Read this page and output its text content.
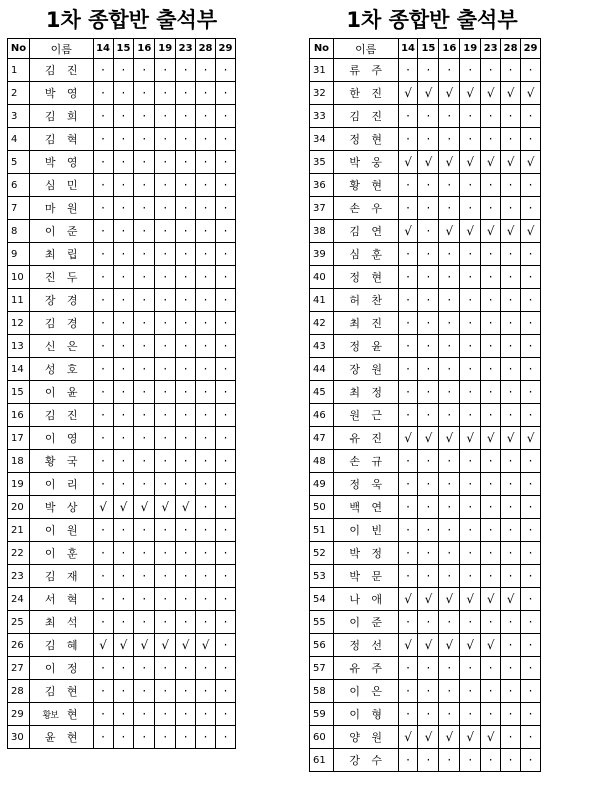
1차 종합반 출석부
No	이름	14	15	16	19	23	28	29
1	김 진	·	·	·	·	·	·	·
2	박 영	·	·	·	·	·	·	·
3	김 희	·	·	·	·	·	·	·
4	김 혁	·	·	·	·	·	·	·
5	박 영	·	·	·	·	·	·	·
6	심 민	·	·	·	·	·	·	·
7	마 원	·	·	·	·	·	·	·
8	이 준	·	·	·	·	·	·	·
9	최 립	·	·	·	·	·	·	·
10	진 두	·	·	·	·	·	·	·
11	장 경	·	·	·	·	·	·	·
12	김 경	·	·	·	·	·	·	·
13	신 은	·	·	·	·	·	·	·
14	성 호	·	·	·	·	·	·	·
15	이 윤	·	·	·	·	·	·	·
16	김 진	·	·	·	·	·	·	·
17	이 영	·	·	·	·	·	·	·
18	황 국	·	·	·	·	·	·	·
19	이 리	·	·	·	·	·	·	·
20	박 상	√	√	√	√	√	·	·
21	이 원	·	·	·	·	·	·	·
22	이 훈	·	·	·	·	·	·	·
23	김 재	·	·	·	·	·	·	·
24	서 혁	·	·	·	·	·	·	·
25	최 석	·	·	·	·	·	·	·
26	김 혜	√	√	√	√	√	√	·
27	이 정	·	·	·	·	·	·	·
28	김 현	·	·	·	·	·	·	·
29	황보 현	·	·	·	·	·	·	·
30	윤 현	·	·	·	·	·	·	·
1차 종합반 출석부
No	이름	14	15	16	19	23	28	29
31	류 주	·	·	·	·	·	·	·
32	한 진	√	√	√	√	√	√	√
33	김 진	·	·	·	·	·	·	·
34	정 현	·	·	·	·	·	·	·
35	박 웅	√	√	√	√	√	√	√
36	황 현	·	·	·	·	·	·	·
37	손 우	·	·	·	·	·	·	·
38	김 연	√	·	√	√	√	√	√
39	심 훈	·	·	·	·	·	·	·
40	정 현	·	·	·	·	·	·	·
41	허 찬	·	·	·	·	·	·	·
42	최 진	·	·	·	·	·	·	·
43	정 윤	·	·	·	·	·	·	·
44	장 원	·	·	·	·	·	·	·
45	최 정	·	·	·	·	·	·	·
46	원 근	·	·	·	·	·	·	·
47	유 진	√	√	√	√	√	√	√
48	손 규	·	·	·	·	·	·	·
49	정 욱	·	·	·	·	·	·	·
50	백 연	·	·	·	·	·	·	·
51	이 빈	·	·	·	·	·	·	·
52	박 정	·	·	·	·	·	·	·
53	박 문	·	·	·	·	·	·	·
54	나 애	√	√	√	√	√	√	·
55	이 준	·	·	·	·	·	·	·
56	정 선	√	√	√	√	√	·	·
57	유 주	·	·	·	·	·	·	·
58	이 은	·	·	·	·	·	·	·
59	이 형	·	·	·	·	·	·	·
60	양 원	√	√	√	√	√	·	·
61	강 수	·	·	·	·	·	·	·
